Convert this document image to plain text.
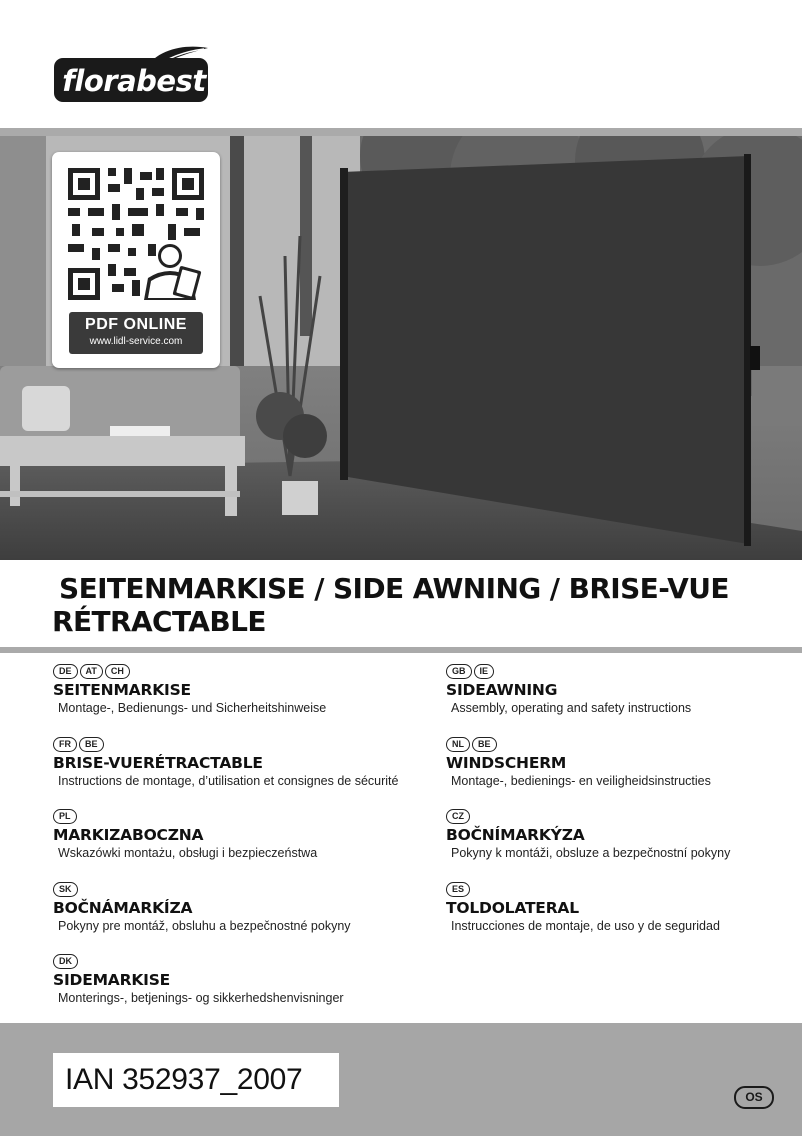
florabest
PDF ONLINE
www.lidl-service.com
SEITENMARKISE / SIDE AWNING / BRISE-VUE
RÉTRACTABLE
DE AT CH
SEITENMARKISE
Montage-, Bedienungs- und Sicherheitshinweise
FR BE
BRISE-VUERÉTRACTABLE
Instructions de montage, d’utilisation et consignes de sécurité
PL
MARKIZABOCZNA
Wskazówki montażu, obsługi i bezpieczeństwa
SK
BOČNÁMARKÍZA
Pokyny pre montáž, obsluhu a bezpečnostné pokyny
DK
SIDEMARKISE
Monterings-, betjenings- og sikkerhedshenvisninger
GB IE
SIDEAWNING
Assembly, operating and safety instructions
NL BE
WINDSCHERM
Montage-, bedienings- en veiligheidsinstructies
CZ
BOČNÍMARKÝZA
Pokyny k montáži, obsluze a bezpečnostní pokyny
ES
TOLDOLATERAL
Instrucciones de montaje, de uso y de seguridad
IAN 352937_2007
OS
